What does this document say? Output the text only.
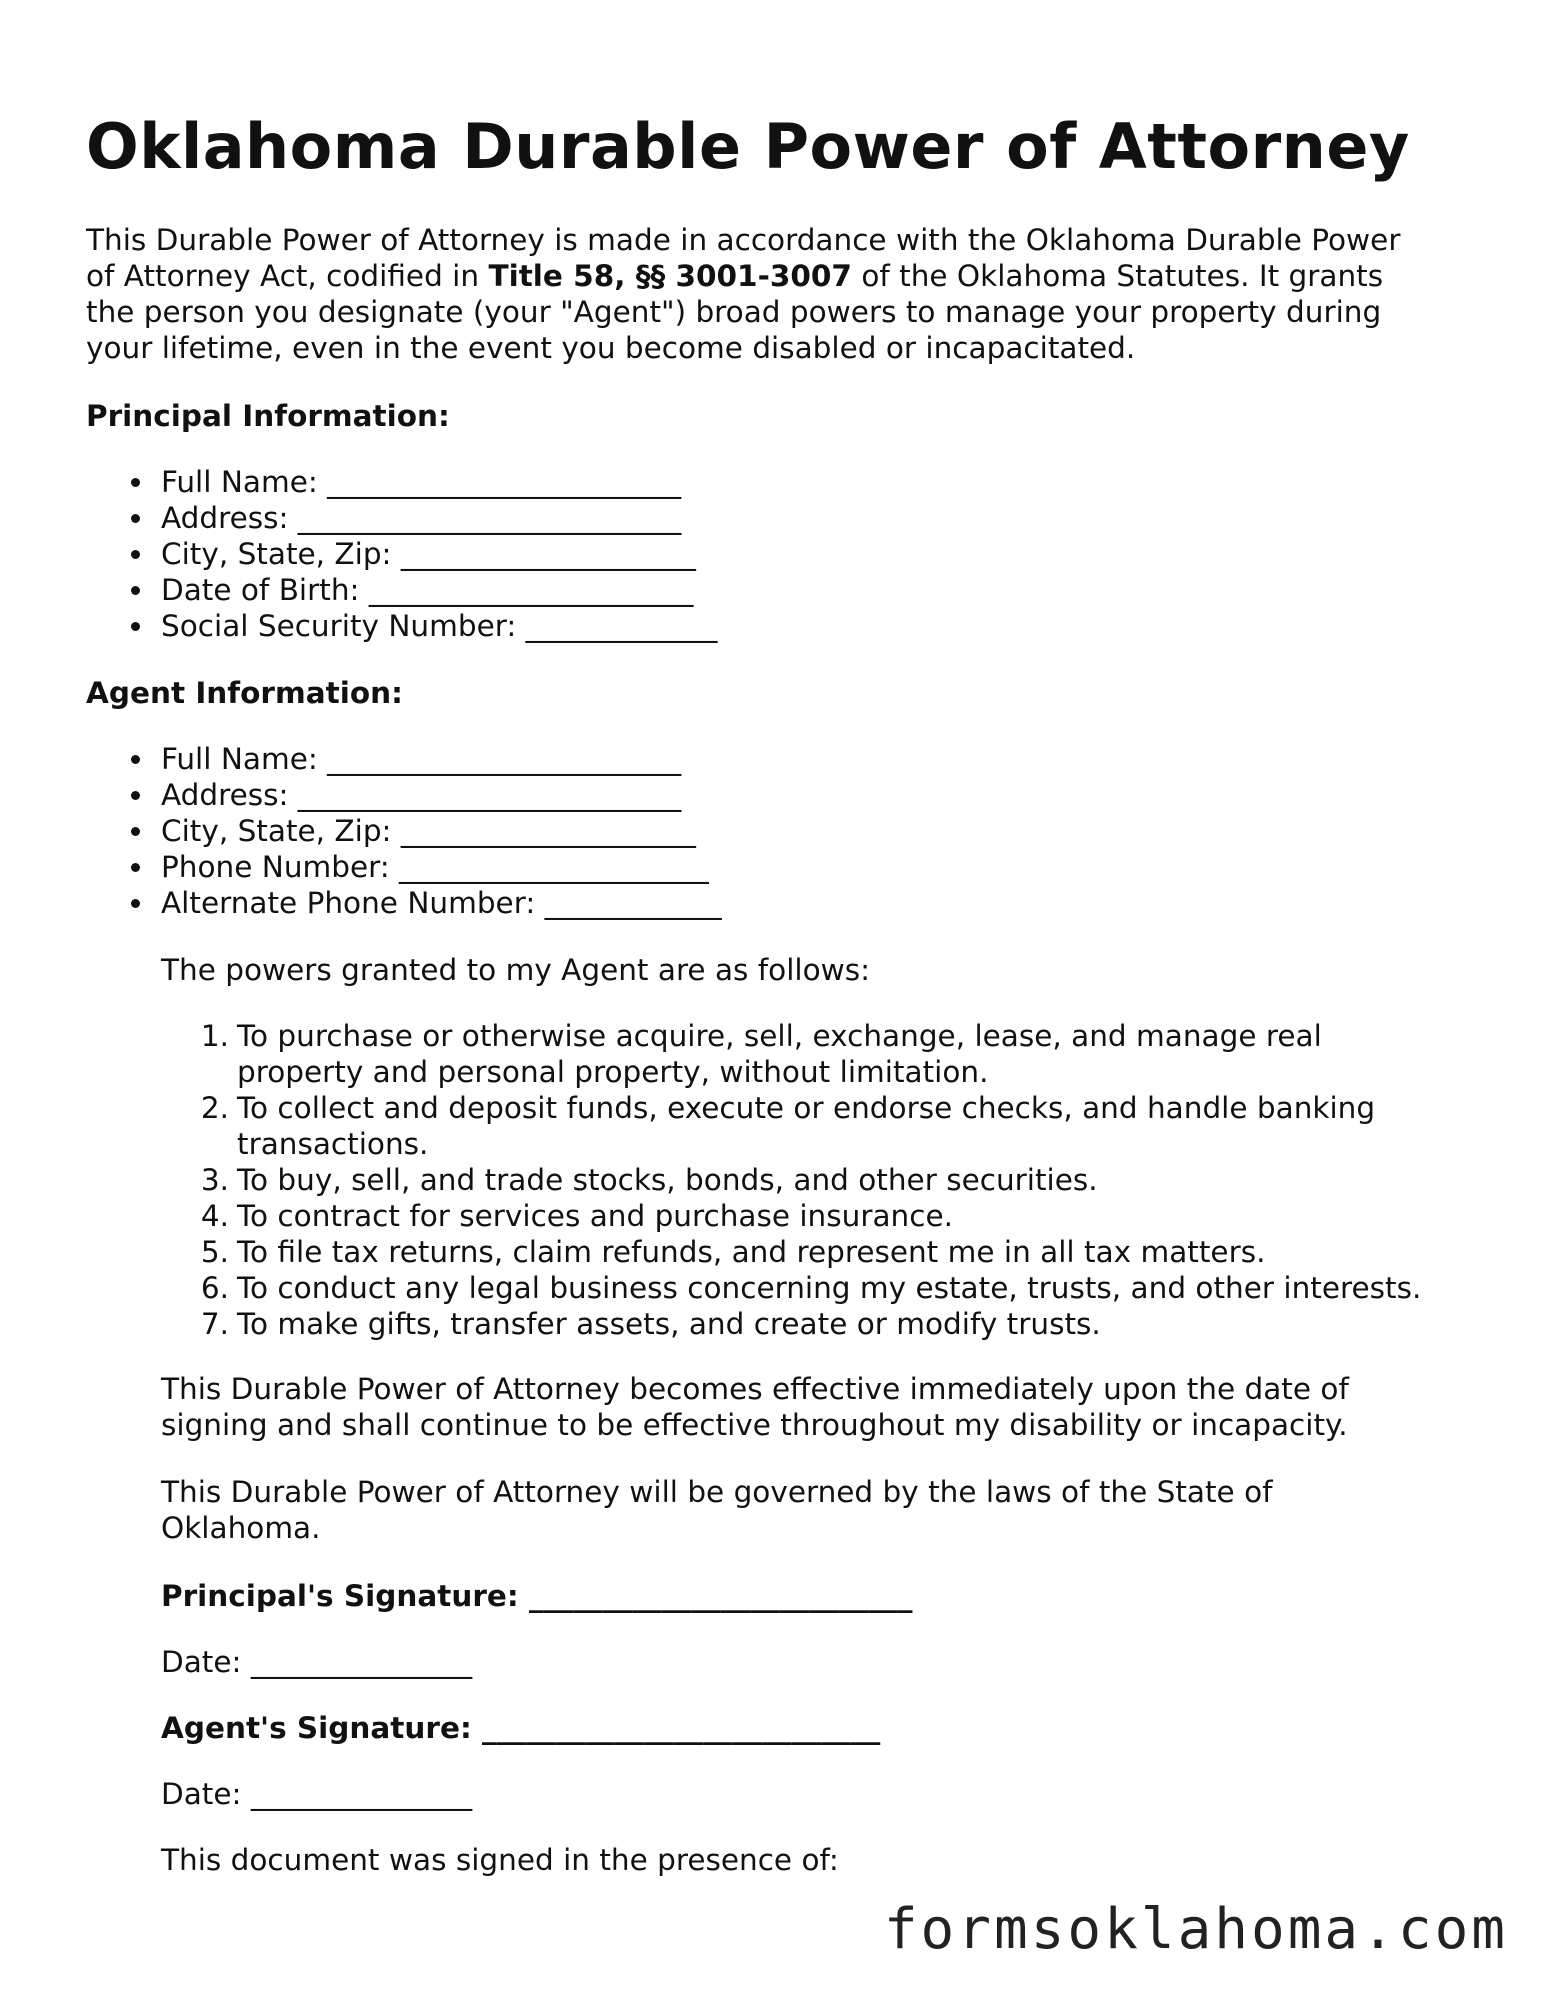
Oklahoma Durable Power of Attorney
This Durable Power of Attorney is made in accordance with the Oklahoma Durable Power
of Attorney Act, codified in Title 58, §§ 3001-3007 of the Oklahoma Statutes. It grants
the person you designate (your "Agent") broad powers to manage your property during
your lifetime, even in the event you become disabled or incapacitated.
Principal Information:
Full Name: ________________________
Address: __________________________
City, State, Zip: ____________________
Date of Birth: ______________________
Social Security Number: _____________
Agent Information:
Full Name: ________________________
Address: __________________________
City, State, Zip: ____________________
Phone Number: _____________________
Alternate Phone Number: ____________
The powers granted to my Agent are as follows:
1. To purchase or otherwise acquire, sell, exchange, lease, and manage real
property and personal property, without limitation.
2. To collect and deposit funds, execute or endorse checks, and handle banking
transactions.
3. To buy, sell, and trade stocks, bonds, and other securities.
4. To contract for services and purchase insurance.
5. To file tax returns, claim refunds, and represent me in all tax matters.
6. To conduct any legal business concerning my estate, trusts, and other interests.
7. To make gifts, transfer assets, and create or modify trusts.
This Durable Power of Attorney becomes effective immediately upon the date of
signing and shall continue to be effective throughout my disability or incapacity.
This Durable Power of Attorney will be governed by the laws of the State of
Oklahoma.
Principal's Signature: __________________________
Date: _______________
Agent's Signature: ___________________________
Date: _______________
This document was signed in the presence of:
formsoklahoma.com
